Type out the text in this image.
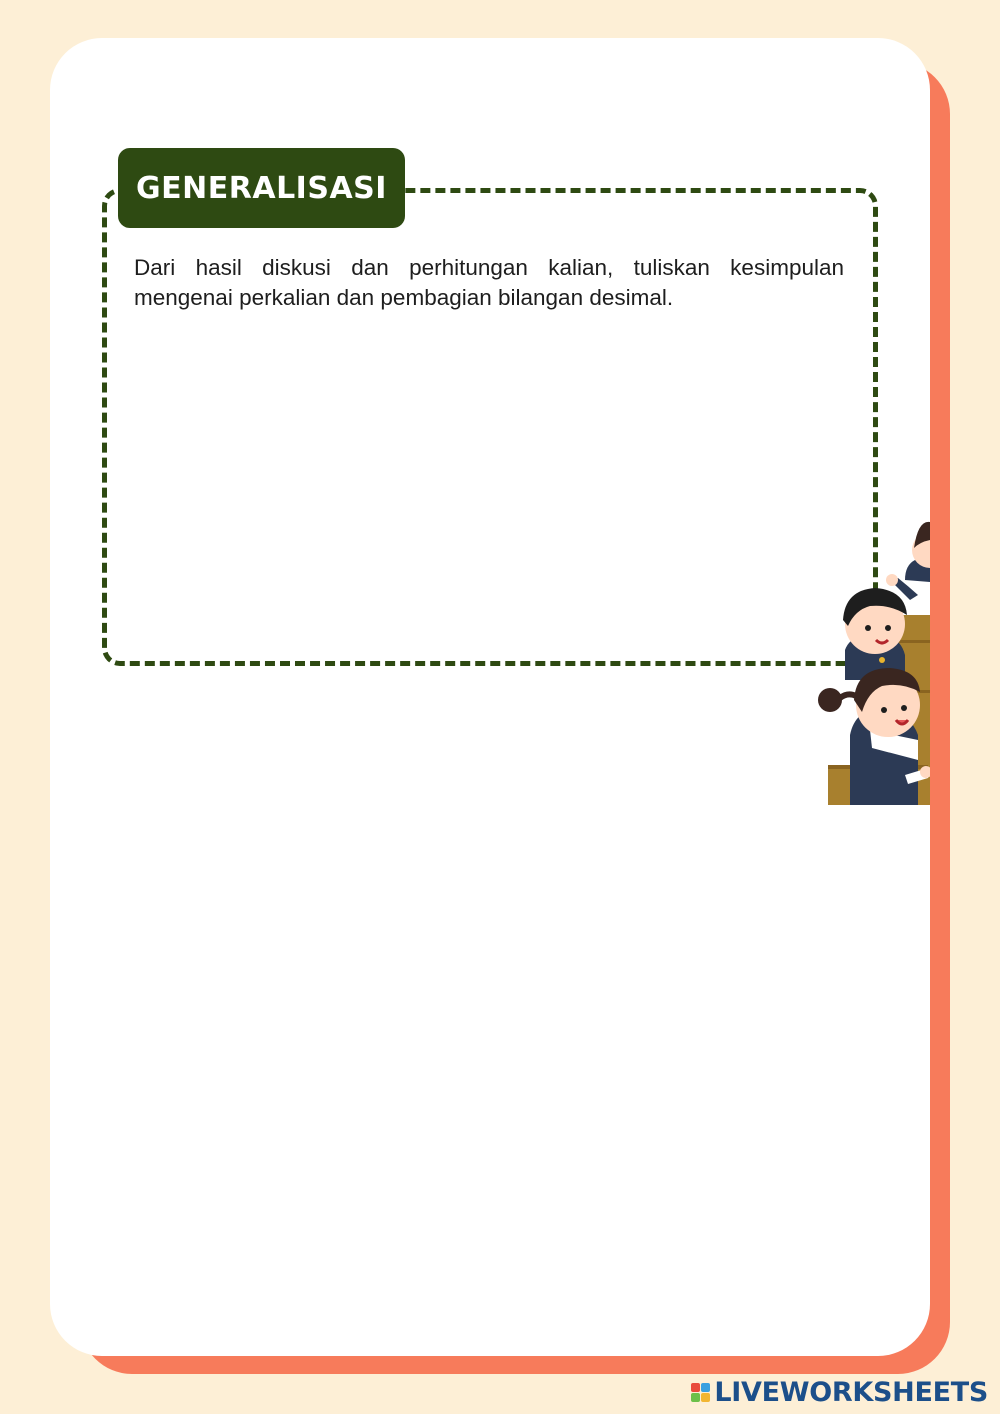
GENERALISASI

Dari hasil diskusi dan perhitungan kalian, tuliskan kesimpulan mengenai perkalian dan pembagian bilangan desimal.

LIVEWORKSHEETS
